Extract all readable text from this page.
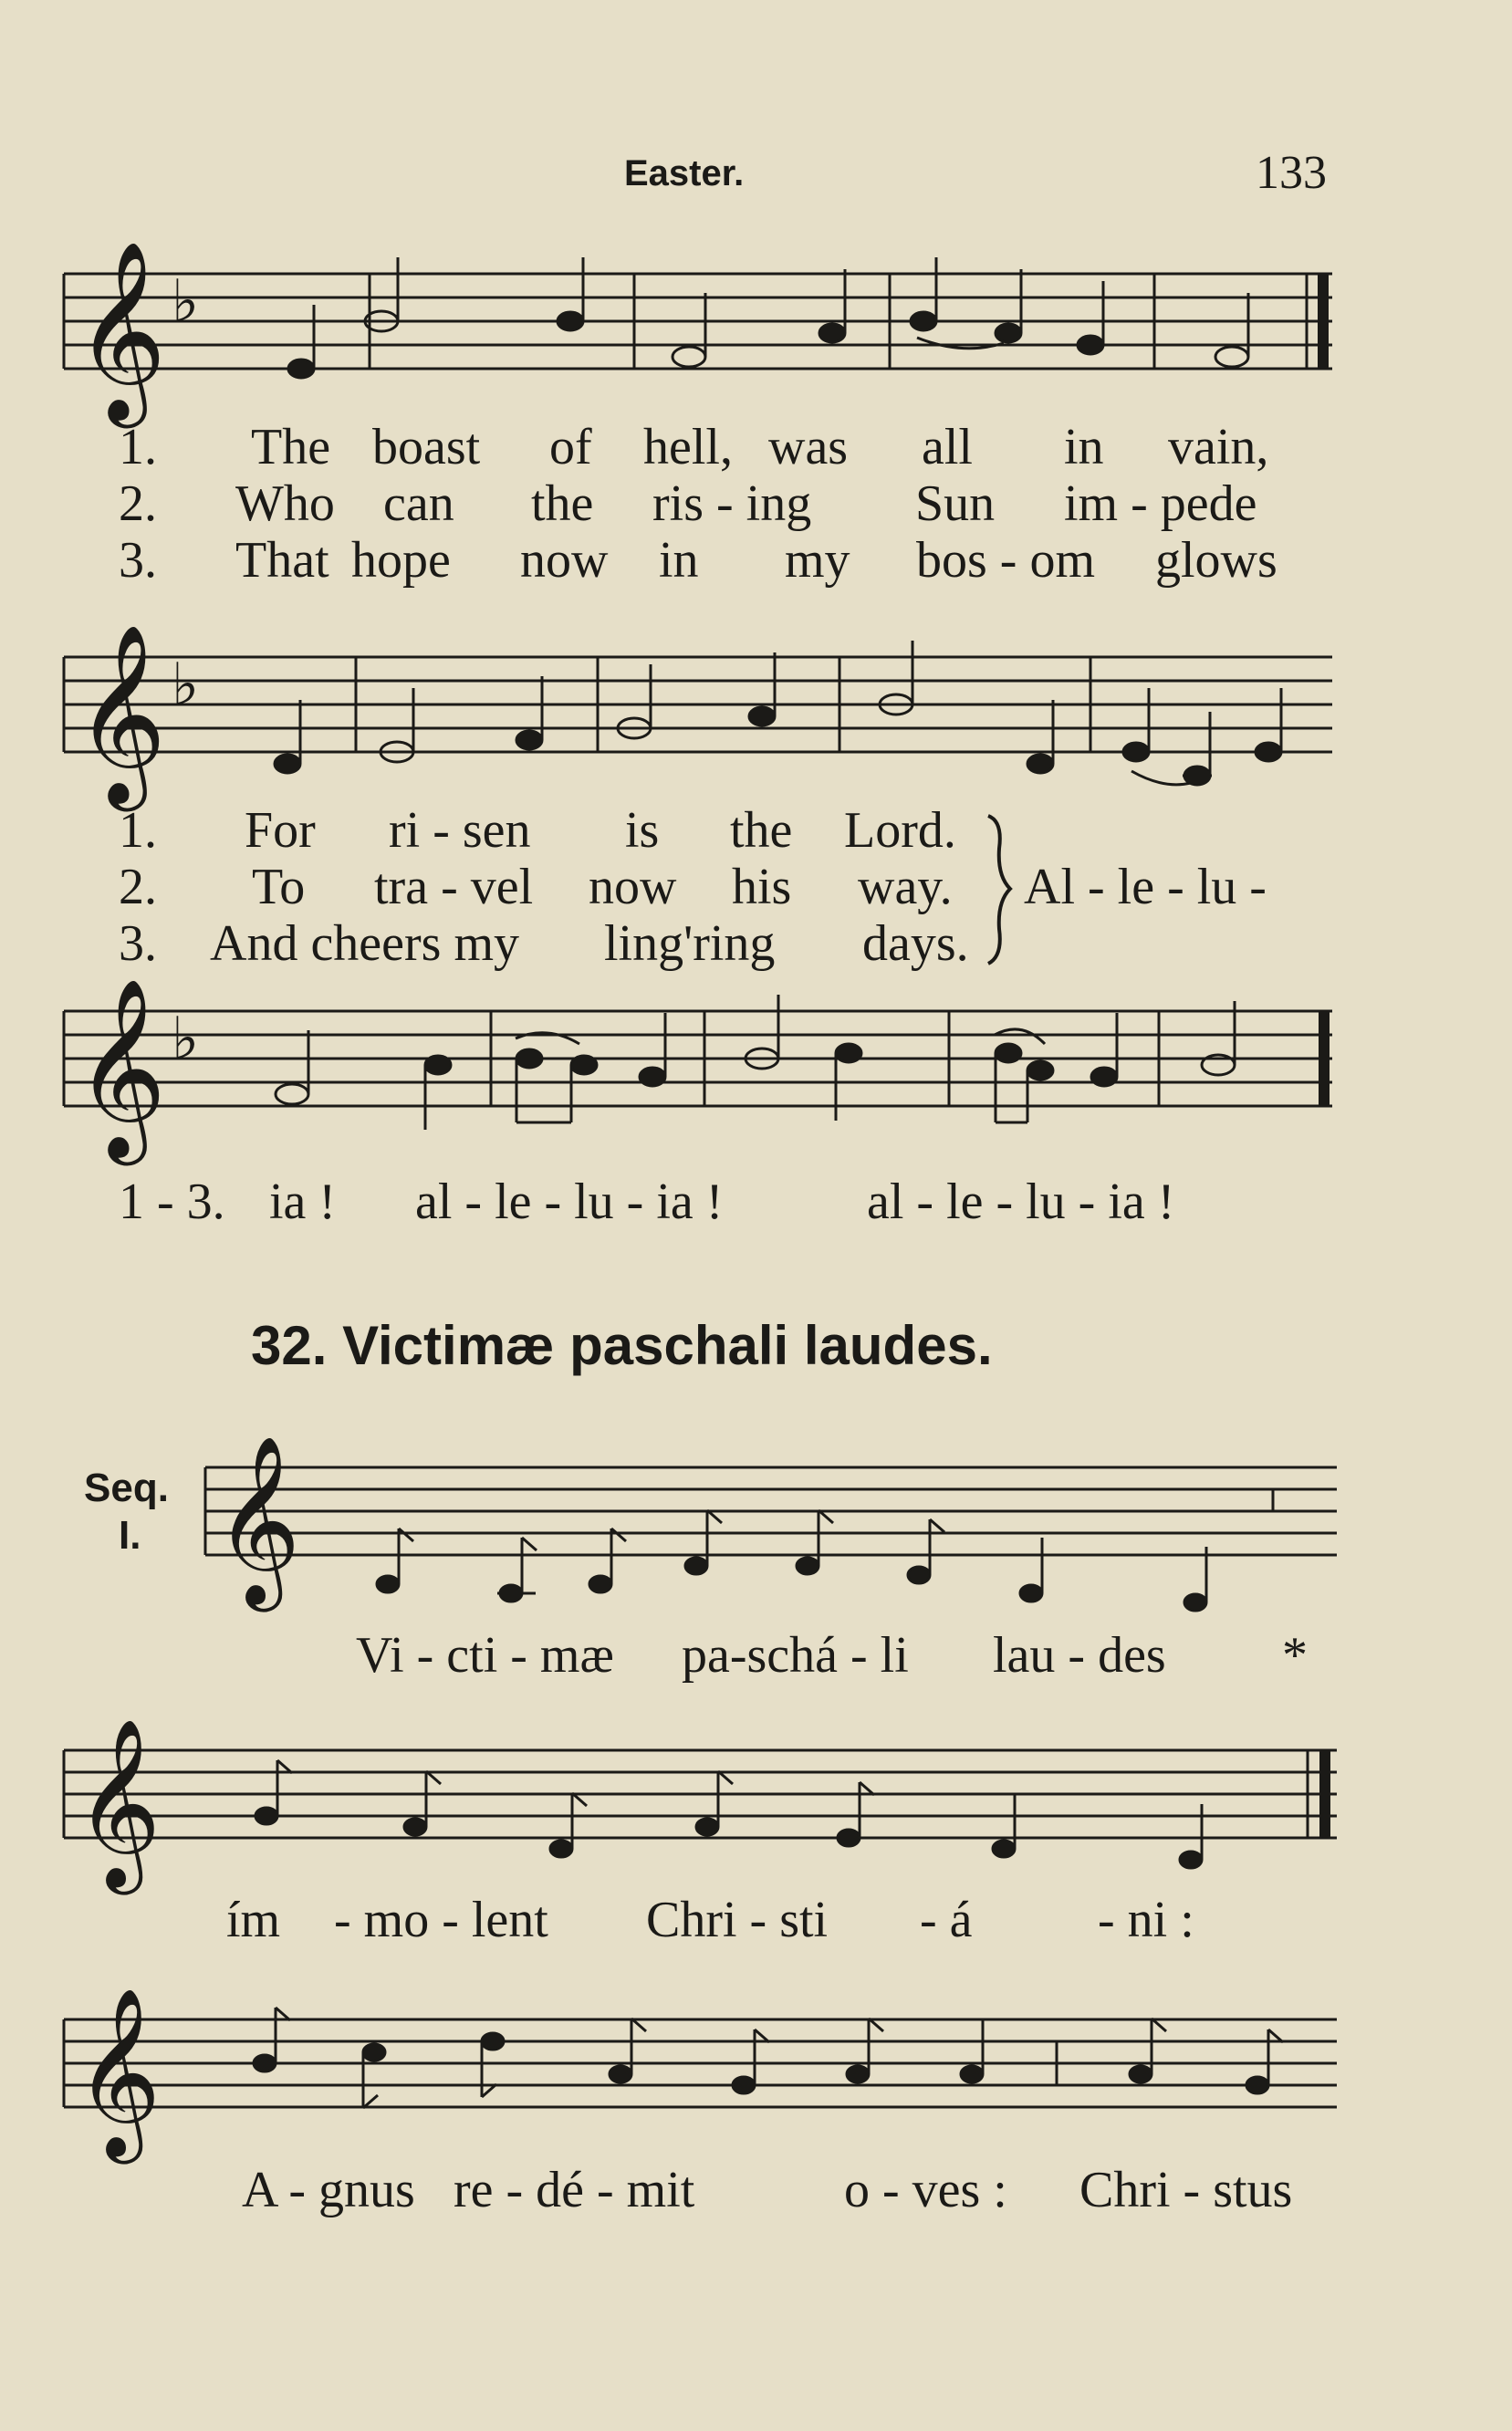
Easter.	133
𝄞 ♭
1. The boast of hell, was all in vain,
2. Who can the ris - ing Sun im - pede
3. That hope now in my bos - om glows
𝄞 ♭
1. For ri - sen is the Lord.
2. To tra - vel now his way. Al - le - lu -
3. And cheers my ling'ring days.
𝄞 ♭
1 - 3. ia ! al - le - lu - ia !	al - le - lu - ia !
32. Victimæ paschali laudes.
Seq.
I. 𝄞
Vi - cti - mæ pa-schá - li lau - des *
𝄞
ím - mo - lent Chri - sti - á - ni :
𝄞
A - gnus re - dé - mit	o - ves : Chri - stus
